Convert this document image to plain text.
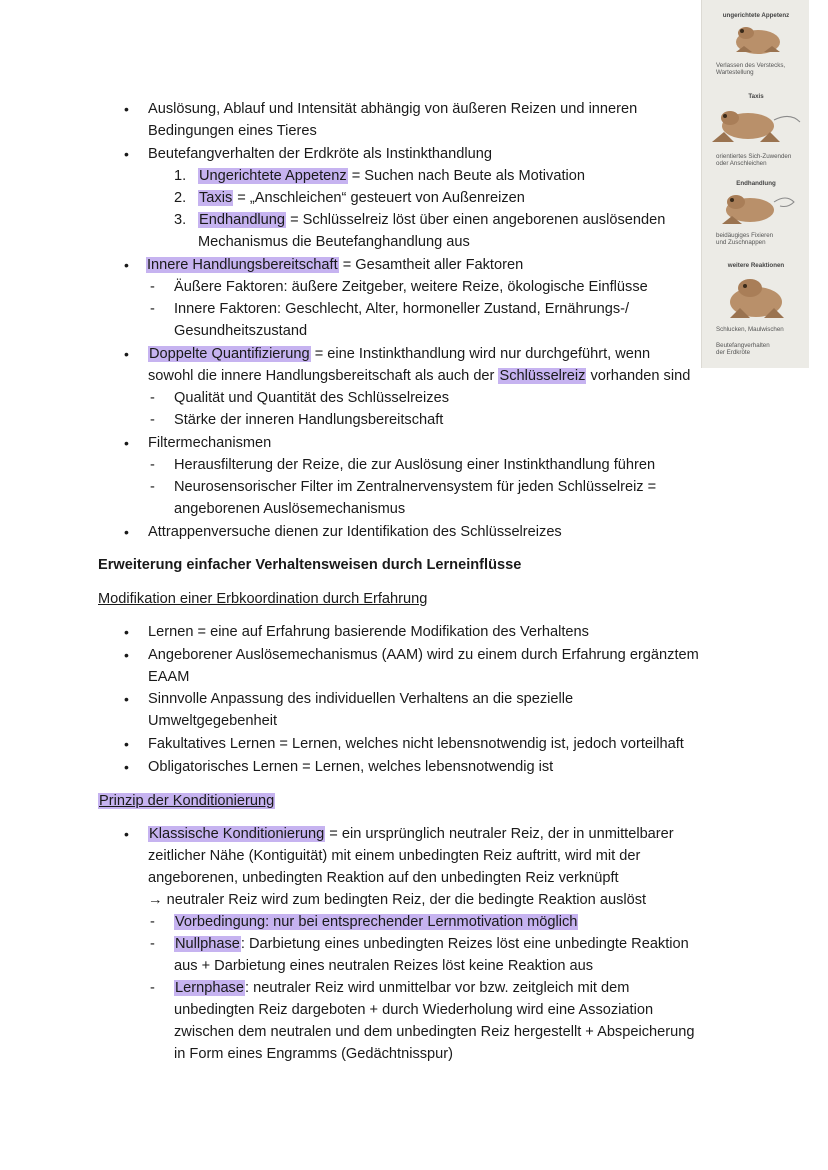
ungerichtete Appetenz
Verlassen des Verstecks,
Wartestellung
Taxis
orientiertes Sich-Zuwenden
oder Anschleichen
Endhandlung
beidäugiges Fixieren
und Zuschnappen
weitere Reaktionen
Schlucken, Maulwischen
Beutefangverhalten
der Erdkröte
• Auslösung, Ablauf und Intensität abhängig von äußeren Reizen und inneren
Bedingungen eines Tieres
• Beutefangverhalten der Erdkröte als Instinkthandlung
1. Ungerichtete Appetenz = Suchen nach Beute als Motivation
2. Taxis = „Anschleichen“ gesteuert von Außenreizen
3. Endhandlung = Schlüsselreiz löst über einen angeborenen auslösenden
Mechanismus die Beutefanghandlung aus
• Innere Handlungsbereitschaft = Gesamtheit aller Faktoren
- Äußere Faktoren: äußere Zeitgeber, weitere Reize, ökologische Einflüsse
- Innere Faktoren: Geschlecht, Alter, hormoneller Zustand, Ernährungs-/
Gesundheitszustand
• Doppelte Quantifizierung = eine Instinkthandlung wird nur durchgeführt, wenn
sowohl die innere Handlungsbereitschaft als auch der Schlüsselreiz vorhanden sind
- Qualität und Quantität des Schlüsselreizes
- Stärke der inneren Handlungsbereitschaft
• Filtermechanismen
- Herausfilterung der Reize, die zur Auslösung einer Instinkthandlung führen
- Neurosensorischer Filter im Zentralnervensystem für jeden Schlüsselreiz =
angeborenen Auslösemechanismus
• Attrappenversuche dienen zur Identifikation des Schlüsselreizes
Erweiterung einfacher Verhaltensweisen durch Lerneinflüsse
Modifikation einer Erbkoordination durch Erfahrung
• Lernen = eine auf Erfahrung basierende Modifikation des Verhaltens
• Angeborener Auslösemechanismus (AAM) wird zu einem durch Erfahrung ergänztem
EAAM
• Sinnvolle Anpassung des individuellen Verhaltens an die spezielle
Umweltgegebenheit
• Fakultatives Lernen = Lernen, welches nicht lebensnotwendig ist, jedoch vorteilhaft
• Obligatorisches Lernen = Lernen, welches lebensnotwendig ist
Prinzip der Konditionierung
• Klassische Konditionierung = ein ursprünglich neutraler Reiz, der in unmittelbarer
zeitlicher Nähe (Kontiguität) mit einem unbedingten Reiz auftritt, wird mit der
angeborenen, unbedingten Reaktion auf den unbedingten Reiz verknüpft
→ neutraler Reiz wird zum bedingten Reiz, der die bedingte Reaktion auslöst
- Vorbedingung: nur bei entsprechender Lernmotivation möglich
- Nullphase: Darbietung eines unbedingten Reizes löst eine unbedingte Reaktion
aus + Darbietung eines neutralen Reizes löst keine Reaktion aus
- Lernphase: neutraler Reiz wird unmittelbar vor bzw. zeitgleich mit dem
unbedingten Reiz dargeboten + durch Wiederholung wird eine Assoziation
zwischen dem neutralen und dem unbedingten Reiz hergestellt + Abspeicherung
in Form eines Engramms (Gedächtnisspur)
